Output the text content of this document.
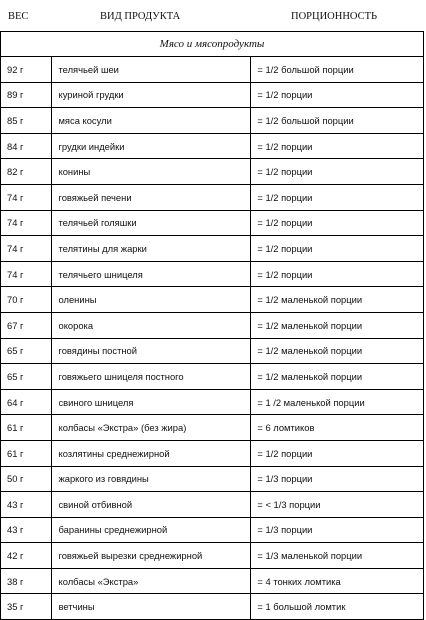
ВЕС	ВИД ПРОДУКТА	ПОРЦИОННОСТЬ
Мясо и мясопродукты
92 г	телячьей шеи	= 1/2 большой порции
89 г	куриной грудки	= 1/2 порции
85 г	мяса косули	= 1/2 большой порции
84 г	грудки индейки	= 1/2 порции
82 г	конины	= 1/2 порции
74 г	говяжьей печени	= 1/2 порции
74 г	телячьей голяшки	= 1/2 порции
74 г	телятины для жарки	= 1/2 порции
74 г	телячьего шницеля	= 1/2 порции
70 г	оленины	= 1/2 маленькой порции
67 г	окорока	= 1/2 маленькой порции
65 г	говядины постной	= 1/2 маленькой порции
65 г	говяжьего шницеля постного	= 1/2 маленькой порции
64 г	свиного шницеля	= 1 /2 маленькой порции
61 г	колбасы «Экстра» (без жира)	= 6 ломтиков
61 г	козлятины среднежирной	= 1/2 порции
50 г	жаркого из говядины	= 1/3 порции
43 г	свиной отбивной	= < 1/3 порции
43 г	баранины среднежирной	= 1/3 порции
42 г	говяжьей вырезки среднежирной	= 1/3 маленькой порции
38 г	колбасы «Экстра»	= 4 тонких ломтика
35 г	ветчины	= 1 большой ломтик
